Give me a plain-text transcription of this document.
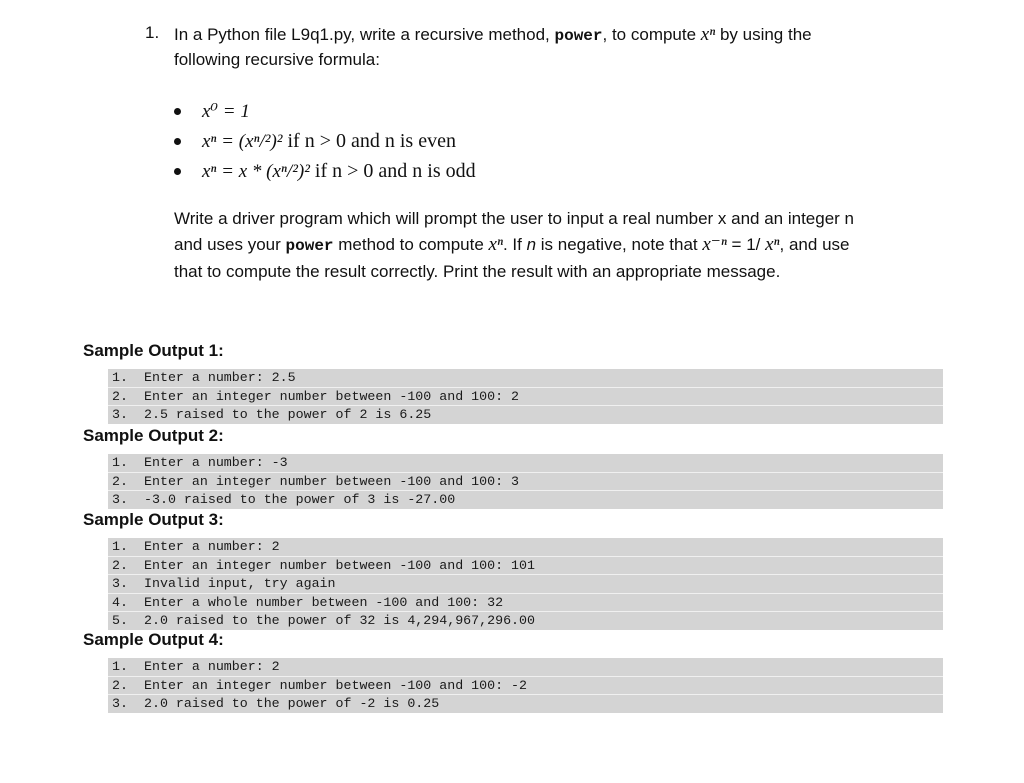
1. In a Python file L9q1.py, write a recursive method, power, to compute xⁿ by using the
following recursive formula:
x⁰ = 1
xⁿ = (xⁿ/²)² if n > 0 and n is even
xⁿ = x * (xⁿ/²)² if n > 0 and n is odd

Write a driver program which will prompt the user to input a real number x and an integer n

and uses your power method to compute xⁿ. If n is negative, note that x⁻ⁿ = 1/ xⁿ, and use

that to compute the result correctly. Print the result with an appropriate message.

Sample Output 1:
1. Enter a number: 2.5
2. Enter an integer number between -100 and 100: 2
3. 2.5 raised to the power of 2 is 6.25
Sample Output 2:
1. Enter a number: -3
2. Enter an integer number between -100 and 100: 3
3. -3.0 raised to the power of 3 is -27.00
Sample Output 3:
1. Enter a number: 2
2. Enter an integer number between -100 and 100: 101
3. Invalid input, try again
4. Enter a whole number between -100 and 100: 32
5. 2.0 raised to the power of 32 is 4,294,967,296.00
Sample Output 4:
1. Enter a number: 2
2. Enter an integer number between -100 and 100: -2
3. 2.0 raised to the power of -2 is 0.25
